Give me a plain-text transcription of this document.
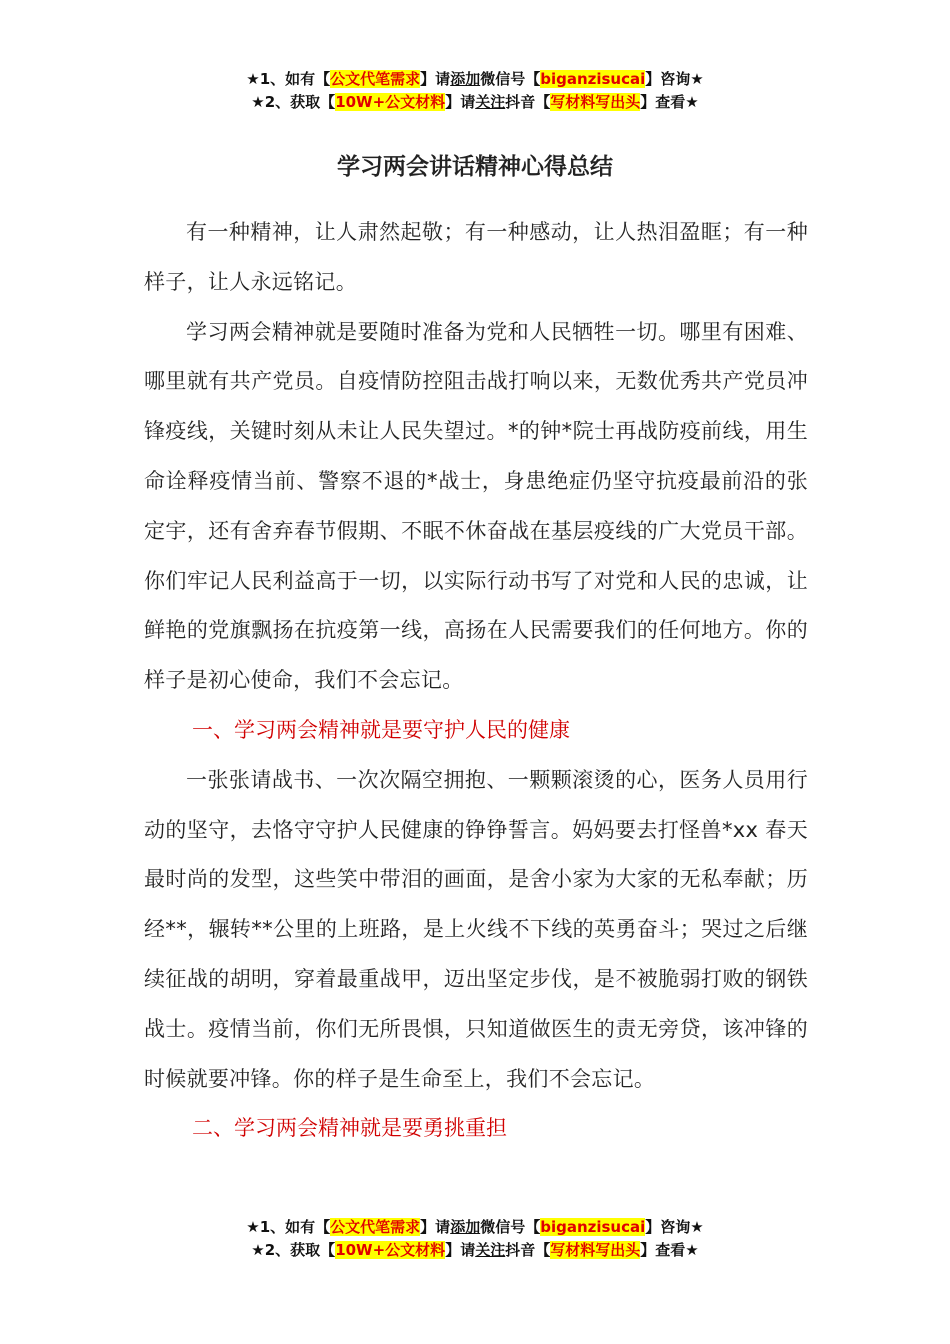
★1、如有【公文代笔需求】请添加微信号【biganzisucai】咨询★
★2、获取【10W+公文材料】请关注抖音【写材料写出头】查看★
学习两会讲话精神心得总结

有一种精神，让人肃然起敬；有一种感动，让人热泪盈眶；有一种样子，让人永远铭记。

学习两会精神就是要随时准备为党和人民牺牲一切。哪里有困难、哪里就有共产党员。自疫情防控阻击战打响以来，无数优秀共产党员冲锋疫线，关键时刻从未让人民失望过。*的钟*院士再战防疫前线，用生命诠释疫情当前、警察不退的*战士，身患绝症仍坚守抗疫最前沿的张定宇，还有舍弃春节假期、不眠不休奋战在基层疫线的广大党员干部。你们牢记人民利益高于一切，以实际行动书写了对党和人民的忠诚，让鲜艳的党旗飘扬在抗疫第一线，高扬在人民需要我们的任何地方。你的样子是初心使命，我们不会忘记。

一、学习两会精神就是要守护人民的健康

一张张请战书、一次次隔空拥抱、一颗颗滚烫的心，医务人员用行动的坚守，去恪守守护人民健康的铮铮誓言。妈妈要去打怪兽*xx 春天最时尚的发型，这些笑中带泪的画面，是舍小家为大家的无私奉献；历经**，辗转**公里的上班路，是上火线不下线的英勇奋斗；哭过之后继续征战的胡明，穿着最重战甲，迈出坚定步伐，是不被脆弱打败的钢铁战士。疫情当前，你们无所畏惧，只知道做医生的责无旁贷，该冲锋的时候就要冲锋。你的样子是生命至上，我们不会忘记。

二、学习两会精神就是要勇挑重担

★1、如有【公文代笔需求】请添加微信号【biganzisucai】咨询★
★2、获取【10W+公文材料】请关注抖音【写材料写出头】查看★
